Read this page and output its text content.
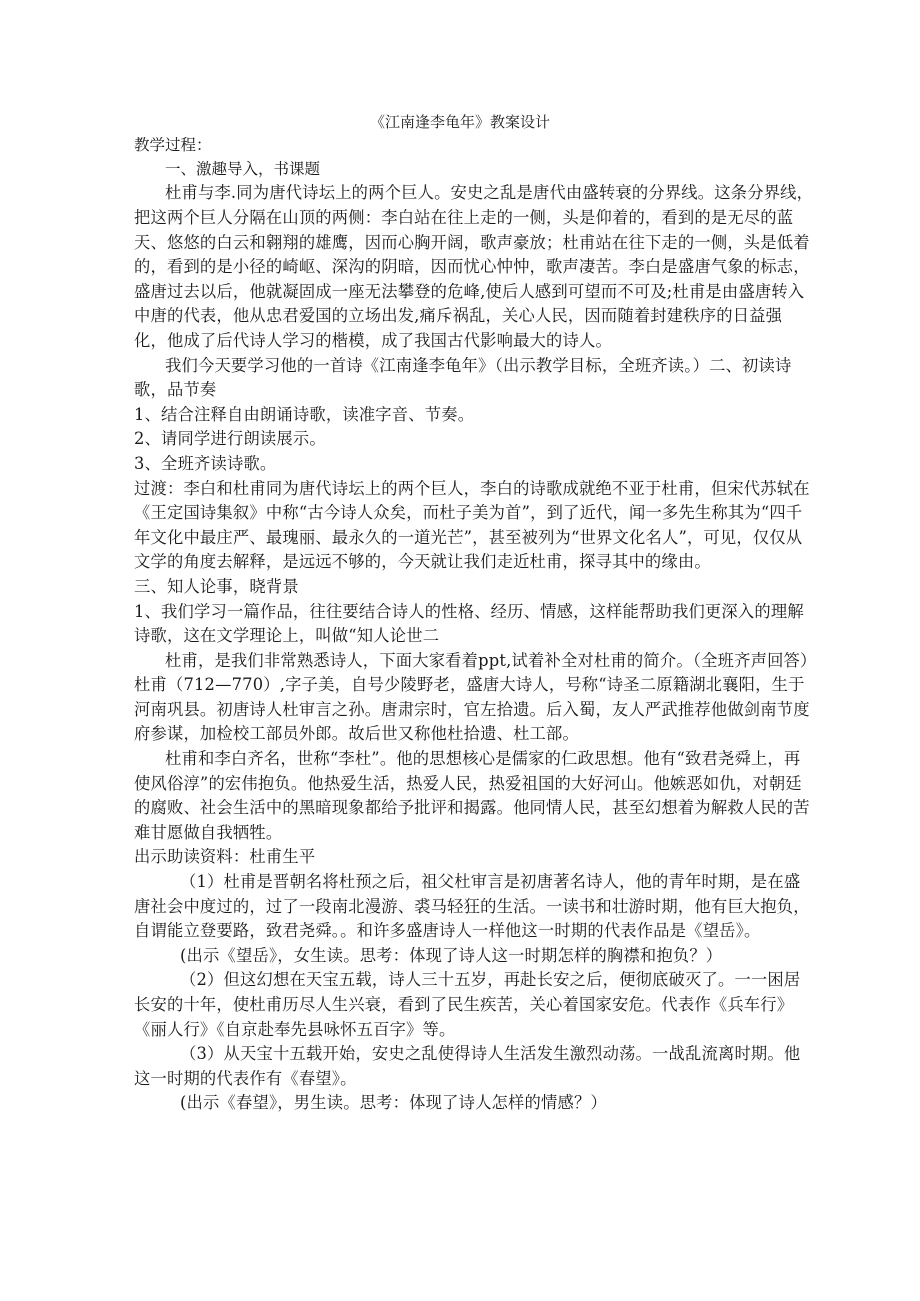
《江南逢李龟年》教案设计

教学过程：

一、激趣导入，书课题

杜甫与李.同为唐代诗坛上的两个巨人。安史之乱是唐代由盛转衰的分界线。这条分界线，把这两个巨人分隔在山顶的两侧：李白站在往上走的一侧，头是仰着的，看到的是无尽的蓝天、悠悠的白云和翱翔的雄鹰，因而心胸开阔，歌声豪放；杜甫站在往下走的一侧，头是低着的，看到的是小径的崎岖、深沟的阴暗，因而忧心忡忡，歌声凄苦。李白是盛唐气象的标志，盛唐过去以后，他就凝固成一座无法攀登的危峰,使后人感到可望而不可及;杜甫是由盛唐转入中唐的代表，他从忠君爱国的立场出发,痛斥祸乱，关心人民，因而随着封建秩序的日益强化，他成了后代诗人学习的楷模，成了我国古代影响最大的诗人。

我们今天要学习他的一首诗《江南逢李龟年》（出示教学目标，全班齐读。）二、初读诗歌，品节奏

1、结合注释自由朗诵诗歌，读准字音、节奏。

2、请同学进行朗读展示。

3、全班齐读诗歌。

过渡：李白和杜甫同为唐代诗坛上的两个巨人，李白的诗歌成就绝不亚于杜甫，但宋代苏轼在《王定国诗集叙》中称“古今诗人众矣，而杜子美为首”，到了近代，闻一多先生称其为“四千年文化中最庄严、最瑰丽、最永久的一道光芒”，甚至被列为“世界文化名人”，可见，仅仅从文学的角度去解释，是远远不够的，今天就让我们走近杜甫，探寻其中的缘由。

三、知人论事，晓背景

1、我们学习一篇作品，往往要结合诗人的性格、经历、情感，这样能帮助我们更深入的理解诗歌，这在文学理论上，叫做“知人论世二

杜甫，是我们非常熟悉诗人，下面大家看着ppt,试着补全对杜甫的简介。（全班齐声回答）杜甫（712—770）,字子美，自号少陵野老，盛唐大诗人，号称“诗圣二原籍湖北襄阳，生于河南巩县。初唐诗人杜审言之孙。唐肃宗时，官左拾遗。后入蜀，友人严武推荐他做剑南节度府参谋，加检校工部员外郎。故后世又称他杜拾遗、杜工部。

杜甫和李白齐名，世称“李杜”。他的思想核心是儒家的仁政思想。他有“致君尧舜上，再使风俗淳”的宏伟抱负。他热爱生活，热爱人民，热爱祖国的大好河山。他嫉恶如仇，对朝廷的腐败、社会生活中的黑暗现象都给予批评和揭露。他同情人民，甚至幻想着为解救人民的苦难甘愿做自我牺牲。

出示助读资料：杜甫生平

（1）杜甫是晋朝名将杜预之后，祖父杜审言是初唐著名诗人，他的青年时期，是在盛唐社会中度过的，过了一段南北漫游、裘马轻狂的生活。一读书和壮游时期，他有巨大抱负，自谓能立登要路，致君尧舜。。和许多盛唐诗人一样他这一时期的代表作品是《望岳》。

(出示《望岳》，女生读。思考：体现了诗人这一时期怎样的胸襟和抱负？）

（2）但这幻想在天宝五载，诗人三十五岁，再赴长安之后，便彻底破灭了。一一困居长安的十年，使杜甫历尽人生兴衰，看到了民生疾苦，关心着国家安危。代表作《兵车行》《丽人行》《自京赴奉先县咏怀五百字》等。

（3）从天宝十五载开始，安史之乱使得诗人生活发生激烈动荡。一战乱流离时期。他这一时期的代表作有《春望》。

(出示《春望》，男生读。思考：体现了诗人怎样的情感？）
